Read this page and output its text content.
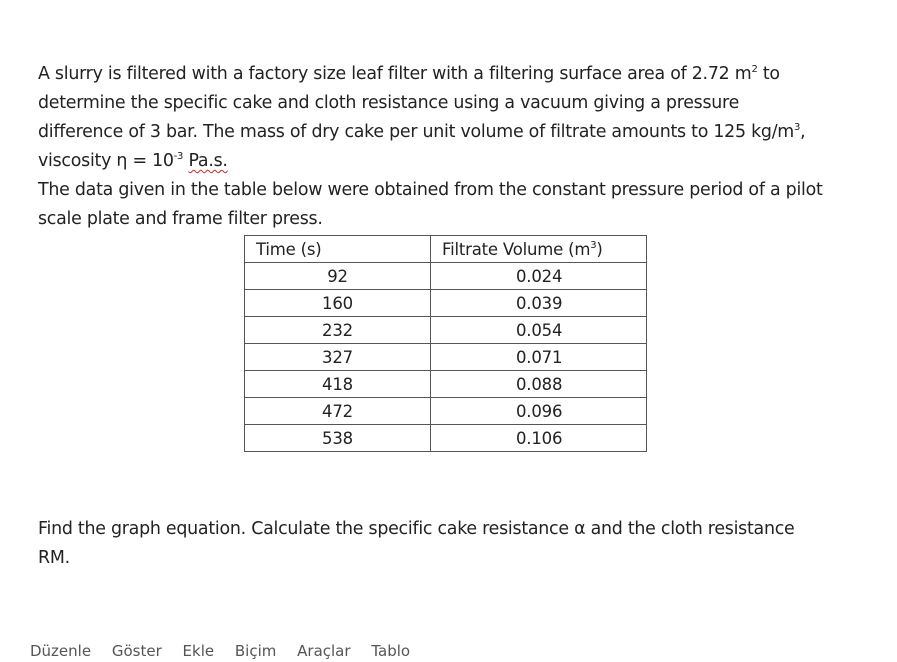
A slurry is filtered with a factory size leaf filter with a filtering surface area of 2.72 $m^2$ to determine the specific cake and cloth resistance using a vacuum giving a pressure difference of 3 bar. The mass of dry cake per unit volume of filtrate amounts to 125 $kg/m^3$, viscosity $\eta = 10^{-3}$ Pa.s.

The data given in the table below were obtained from the constant pressure period of a pilot scale plate and frame filter press.

Time (s)	Filtrate Volume $(m^3)$
92	0.024
160	0.039
232	0.054
327	0.071
418	0.088
472	0.096
538	0.106

Find the graph equation. Calculate the specific cake resistance α and the cloth resistance RM.

Düzenle Göster Ekle Biçim Araçlar Tablo
